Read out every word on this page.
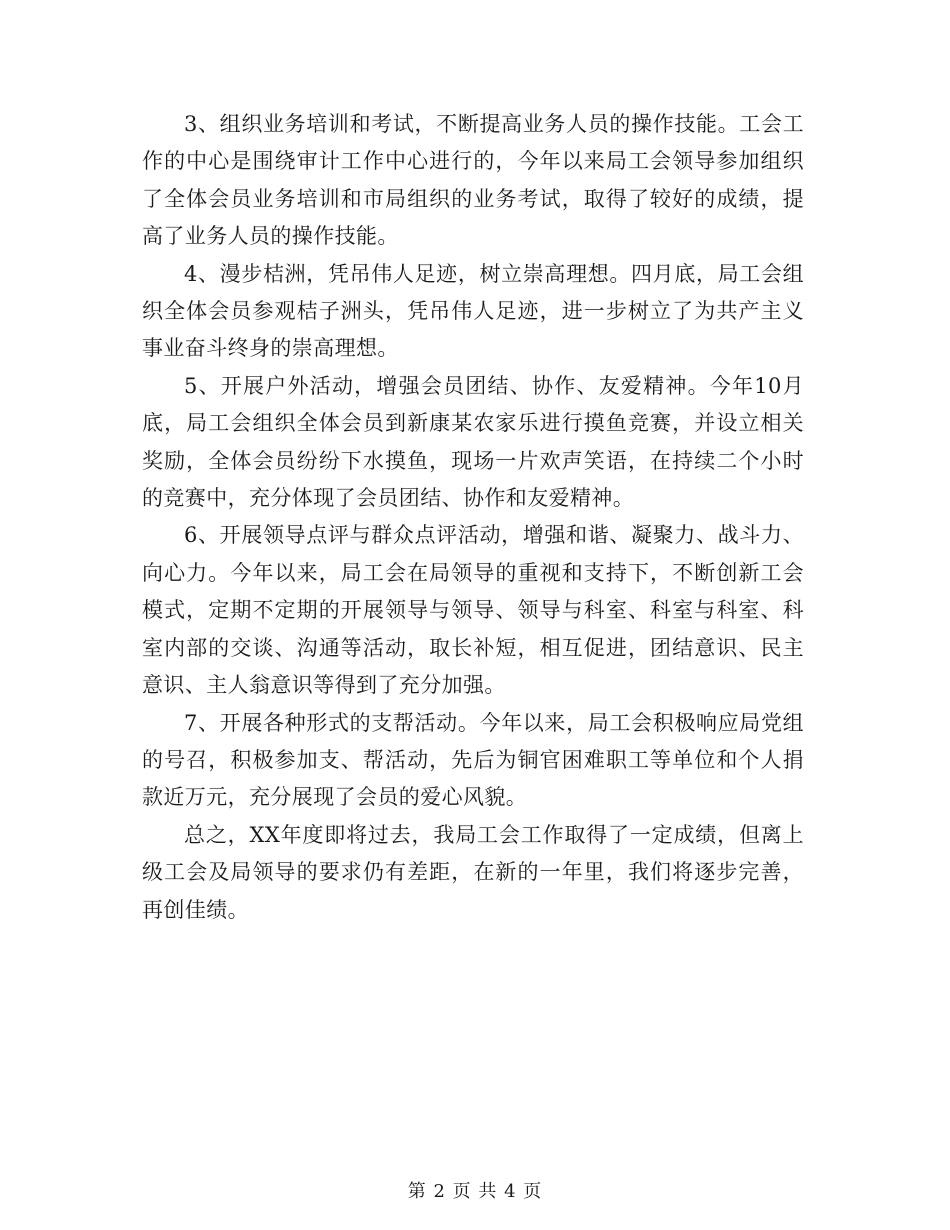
3、组织业务培训和考试，不断提高业务人员的操作技能。工会工作的中心是围绕审计工作中心进行的，今年以来局工会领导参加组织了全体会员业务培训和市局组织的业务考试，取得了较好的成绩，提高了业务人员的操作技能。

4、漫步桔洲，凭吊伟人足迹，树立崇高理想。四月底，局工会组织全体会员参观桔子洲头，凭吊伟人足迹，进一步树立了为共产主义事业奋斗终身的崇高理想。

5、开展户外活动，增强会员团结、协作、友爱精神。今年10月底，局工会组织全体会员到新康某农家乐进行摸鱼竞赛，并设立相关奖励，全体会员纷纷下水摸鱼，现场一片欢声笑语，在持续二个小时的竞赛中，充分体现了会员团结、协作和友爱精神。

6、开展领导点评与群众点评活动，增强和谐、凝聚力、战斗力、向心力。今年以来，局工会在局领导的重视和支持下，不断创新工会模式，定期不定期的开展领导与领导、领导与科室、科室与科室、科室内部的交谈、沟通等活动，取长补短，相互促进，团结意识、民主意识、主人翁意识等得到了充分加强。

7、开展各种形式的支帮活动。今年以来，局工会积极响应局党组的号召，积极参加支、帮活动，先后为铜官困难职工等单位和个人捐款近万元，充分展现了会员的爱心风貌。

总之，XX年度即将过去，我局工会工作取得了一定成绩，但离上级工会及局领导的要求仍有差距，在新的一年里，我们将逐步完善，再创佳绩。

第 2 页 共 4 页
